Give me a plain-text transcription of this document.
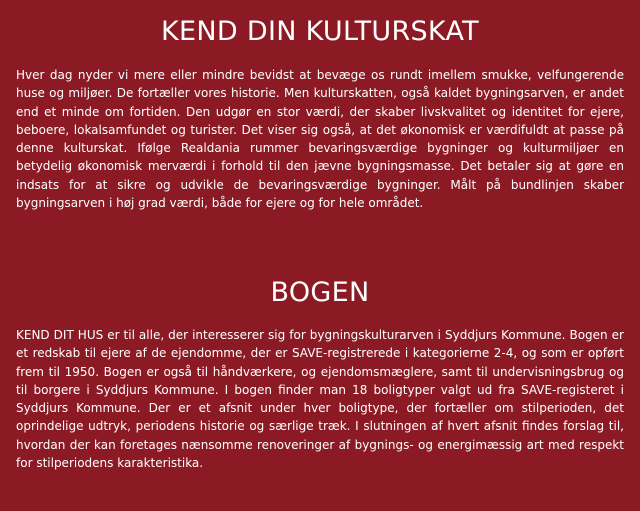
KEND DIN KULTURSKAT

Hver dag nyder vi mere eller mindre bevidst at bevæge os rundt imellem smukke, velfungerende huse og miljøer. De fortæller vores historie. Men kulturskatten, også kaldet bygningsarven, er andet end et minde om fortiden. Den udgør en stor værdi, der skaber livskvalitet og identitet for ejere, beboere, lokalsamfundet og turister. Det viser sig også, at det økonomisk er værdifuldt at passe på denne kulturskat. Ifølge Realdania rummer bevaringsværdige bygninger og kulturmiljøer en betydelig økonomisk merværdi i forhold til den jævne bygningsmasse. Det betaler sig at gøre en indsats for at sikre og udvikle de bevaringsværdige bygninger. Målt på bundlinjen skaber bygningsarven i høj grad værdi, både for ejere og for hele området.

BOGEN

KEND DIT HUS er til alle, der interesserer sig for bygningskulturarven i Syddjurs Kommune. Bogen er et redskab til ejere af de ejendomme, der er SAVE-registrerede i kategorierne 2-4, og som er opført frem til 1950. Bogen er også til håndværkere, og ejendomsmæglere, samt til undervisningsbrug og til borgere i Syddjurs Kommune. I bogen finder man 18 boligtyper valgt ud fra SAVE-registeret i Syddjurs Kommune. Der er et afsnit under hver boligtype, der fortæller om stilperioden, det oprindelige udtryk, periodens historie og særlige træk. I slutningen af hvert afsnit findes forslag til, hvordan der kan foretages nænsomme renoveringer af bygnings- og energimæssig art med respekt for stilperiodens karakteristika.
